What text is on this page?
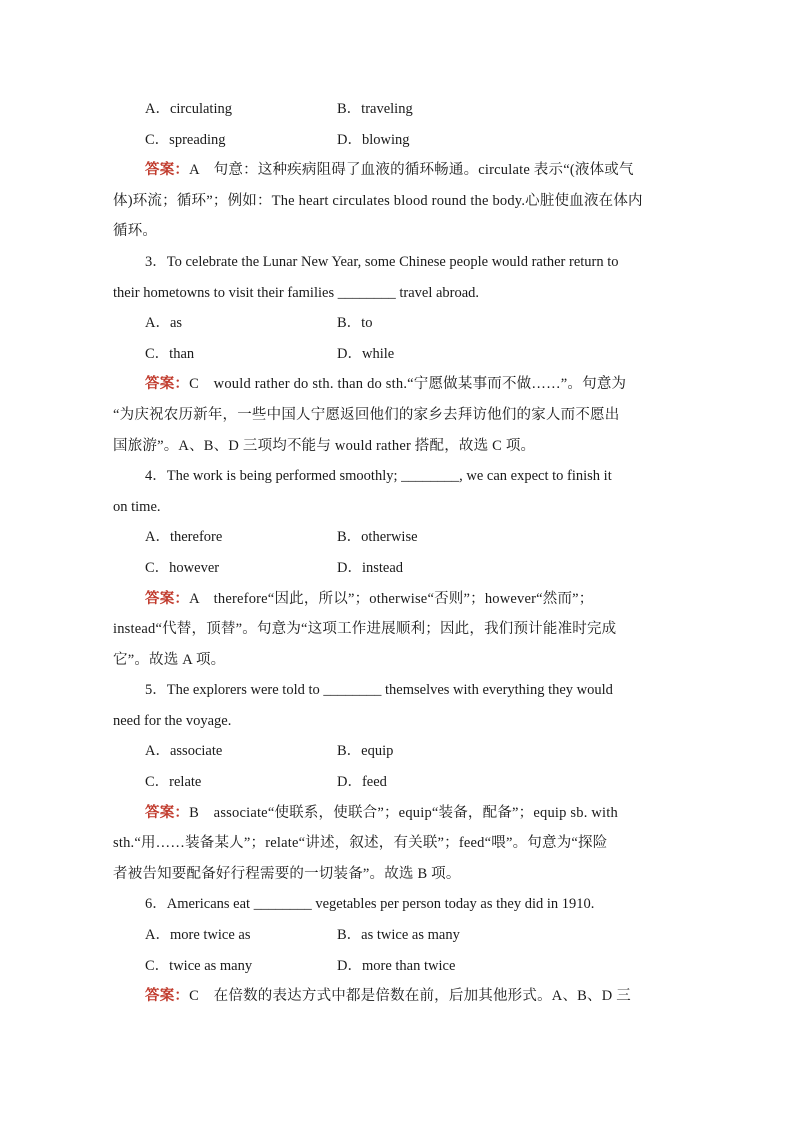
A．circulating	B．traveling
C．spreading	D．blowing
答案：A　句意：这种疾病阻碍了血液的循环畅通。circulate 表示“(液体或气
体)环流；循环”；例如：The heart circulates blood round the body.心脏使血液在体内
循环。
3．To celebrate the Lunar New Year, some Chinese people would rather return to
their hometowns to visit their families ________ travel abroad.
A．as	B．to
C．than	D．while
答案：C　would rather do sth. than do sth.“宁愿做某事而不做……”。句意为
“为庆祝农历新年，一些中国人宁愿返回他们的家乡去拜访他们的家人而不愿出
国旅游”。A、B、D 三项均不能与 would rather 搭配，故选 C 项。
4．The work is being performed smoothly; ________, we can expect to finish it
on time.
A．therefore	B．otherwise
C．however	D．instead
答案：A　therefore“因此，所以”；otherwise“否则”；however“然而”；
instead“代替，顶替”。句意为“这项工作进展顺利；因此，我们预计能准时完成
它”。故选 A 项。
5．The explorers were told to ________ themselves with everything they would
need for the voyage.
A．associate	B．equip
C．relate	D．feed
答案：B　associate“使联系，使联合”；equip“装备，配备”；equip sb. with
sth.“用……装备某人”；relate“讲述，叙述，有关联”；feed“喂”。句意为“探险
者被告知要配备好行程需要的一切装备”。故选 B 项。
6．Americans eat ________ vegetables per person today as they did in 1910.
A．more twice as	B．as twice as many
C．twice as many	D．more than twice
答案：C　在倍数的表达方式中都是倍数在前，后加其他形式。A、B、D 三
